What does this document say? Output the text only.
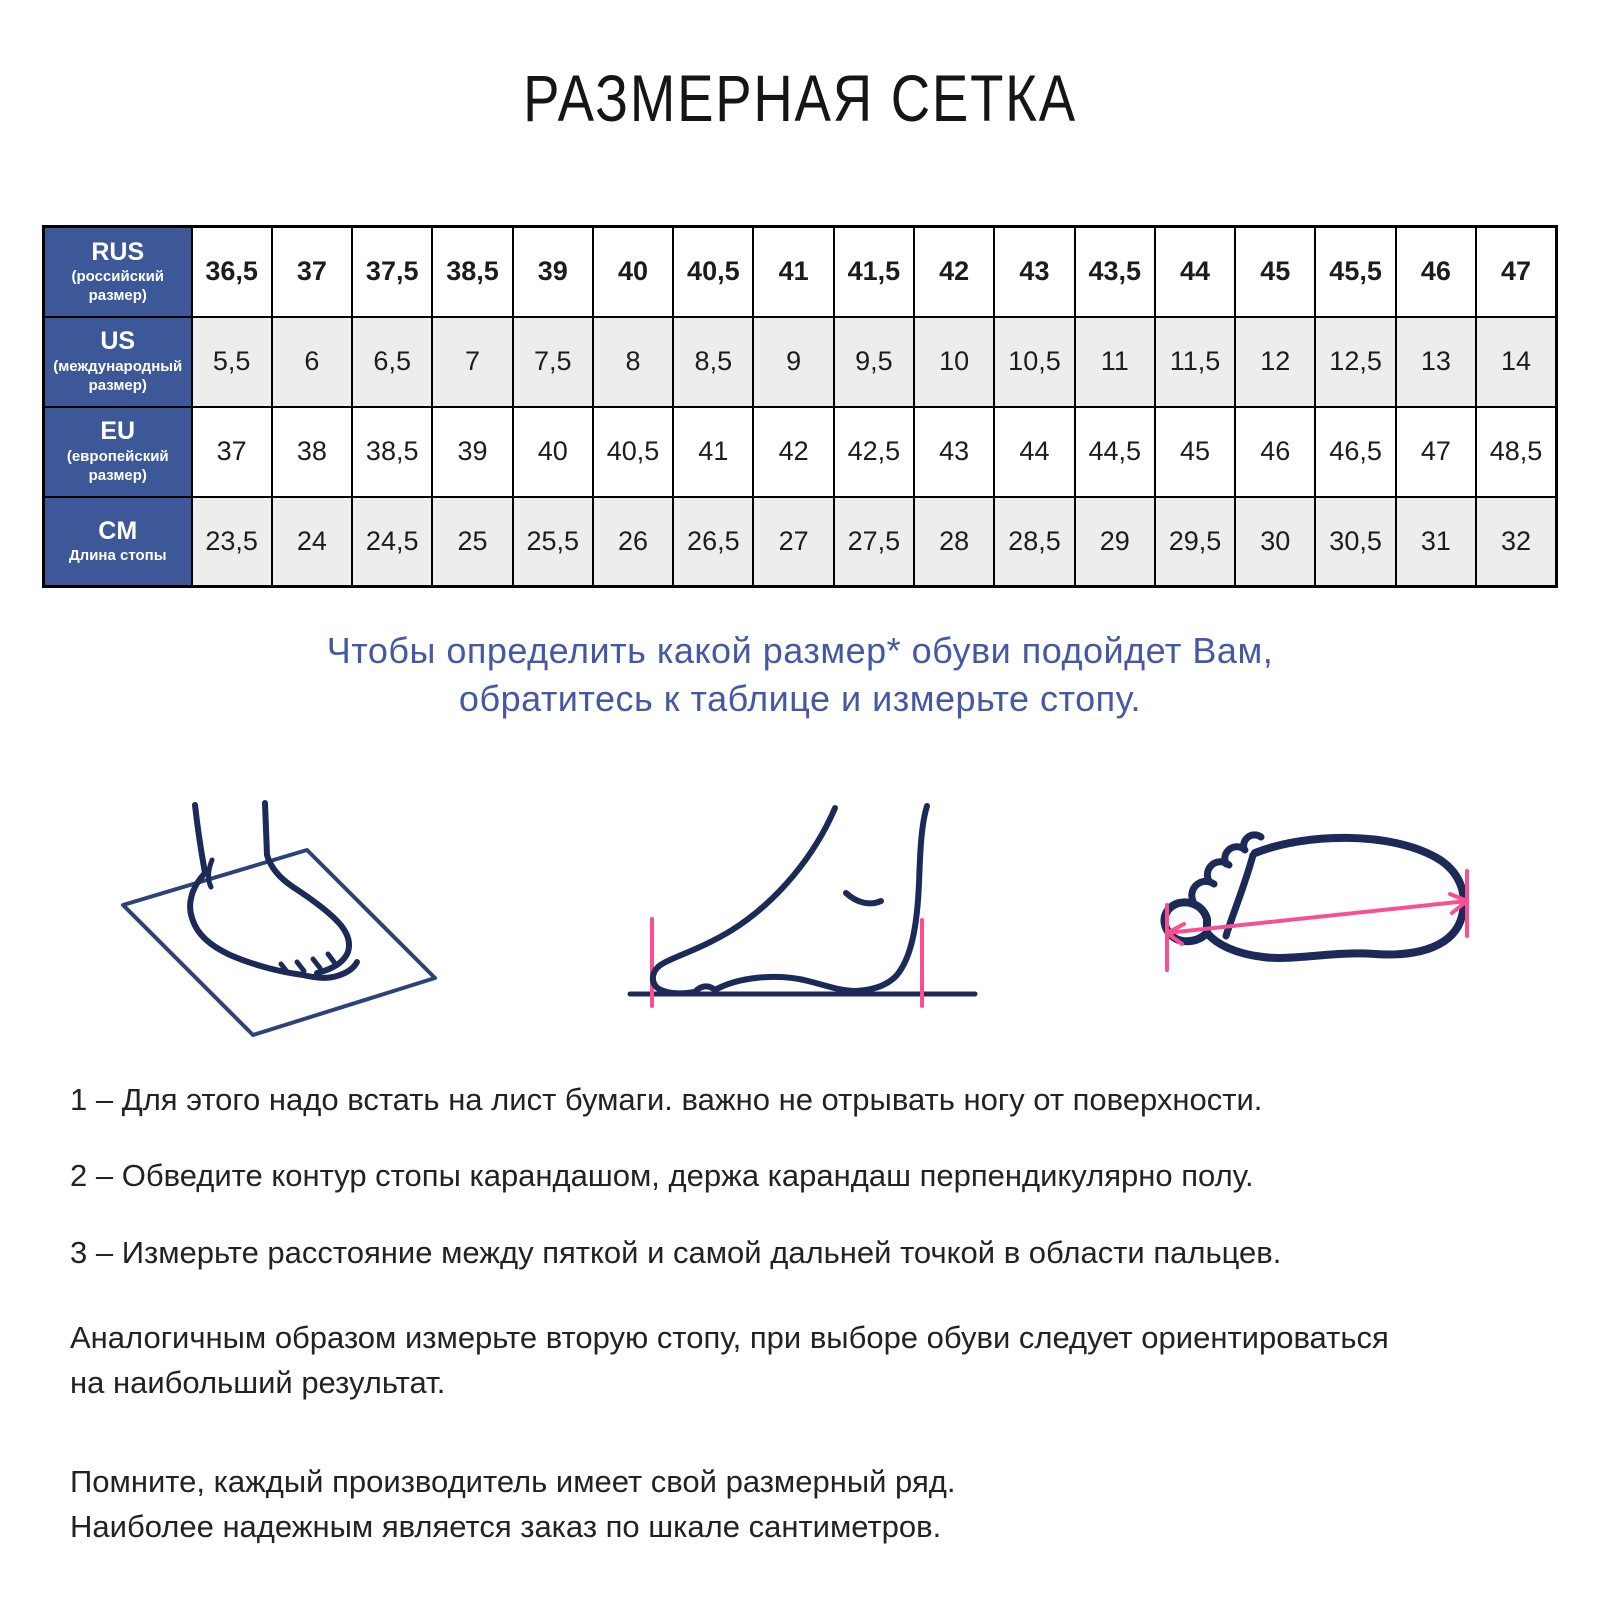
РАЗМЕРНАЯ СЕТКА
RUS
(российский размер)	36,5	37	37,5	38,5	39	40	40,5	41	41,5	42	43	43,5	44	45	45,5	46	47

US
(международный размер)	5,5	6	6,5	7	7,5	8	8,5	9	9,5	10	10,5	11	11,5	12	12,5	13	14

EU
(европейский размер)	37	38	38,5	39	40	40,5	41	42	42,5	43	44	44,5	45	46	46,5	47	48,5

CM
Длина стопы	23,5	24	24,5	25	25,5	26	26,5	27	27,5	28	28,5	29	29,5	30	30,5	31	32
Чтобы определить какой размер* обуви подойдет Вам,
обратитесь к таблице и измерьте стопу.
1 – Для этого надо встать на лист бумаги. важно не отрывать ногу от поверхности.
2 – Обведите контур стопы карандашом, держа карандаш перпендикулярно полу.
3 – Измерьте расстояние между пяткой и самой дальней точкой в области пальцев.
Аналогичным образом измерьте вторую стопу, при выборе обуви следует ориентироваться
на наибольший результат.
Помните, каждый производитель имеет свой размерный ряд.
Наиболее надежным является заказ по шкале сантиметров.
